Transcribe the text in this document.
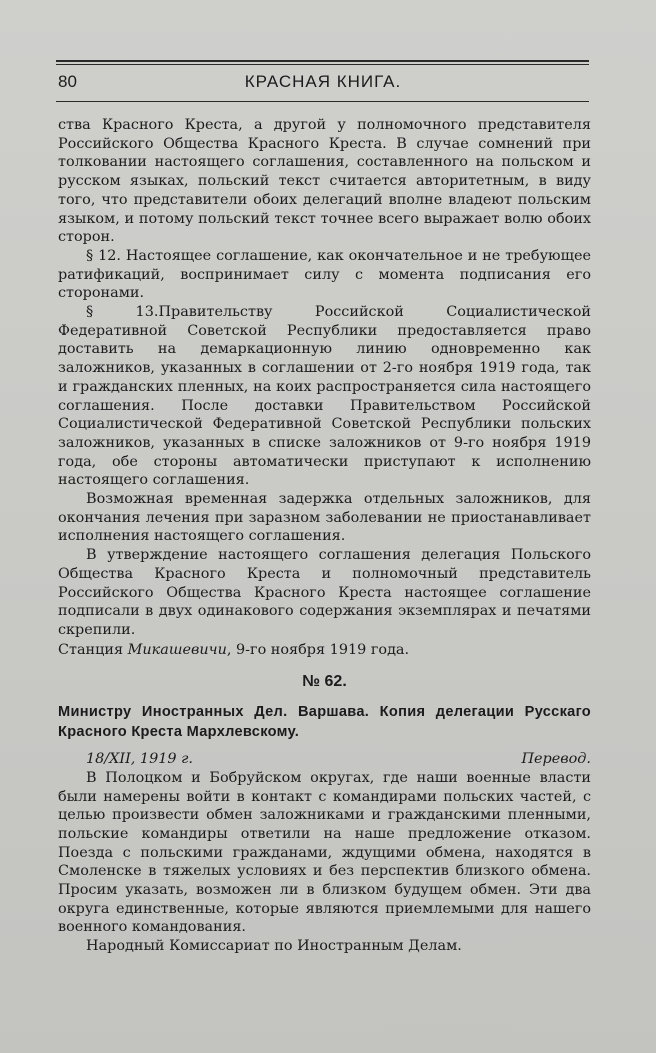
80	КРАСНАЯ КНИГА.

ства Красного Креста, а другой у полномочного представителя Российского Общества Красного Креста. В случае сомнений при толковании настоящего соглашения, составленного на польском и русском языках, польский текст считается авторитетным, в виду того, что представители обоих делегаций вполне владеют польским языком, и потому польский текст точнее всего выражает волю обоих сторон.

§ 12. Настоящее соглашение, как окончательное и не требующее ратификаций, воспринимает силу с момента подписания его сторонами.

§ 13.Правительству Российской Социалистической Федеративной Советской Республики предоставляется право доставить на демаркационную линию одновременно как заложников, указанных в соглашении от 2-го ноября 1919 года, так и гражданских пленных, на коих распространяется сила настоящего соглашения. После доставки Правительством Российской Социалистической Федеративной Советской Республики польских заложников, указанных в списке заложников от 9-го ноября 1919 года, обе стороны автоматически приступают к исполнению настоящего соглашения.

Возможная временная задержка отдельных заложников, для окончания лечения при заразном заболевании не приостанавливает исполнения настоящего соглашения.

В утверждение настоящего соглашения делегация Польского Общества Красного Креста и полномочный представитель Российского Общества Красного Креста настоящее соглашение подписали в двух одинакового содержания экземплярах и печатями скрепили.

Станция Микашевичи, 9-го ноября 1919 года.

№ 62.

Министру Иностранных Дел. Варшава. Копия делегации Русскаго Красного Креста Мархлевскому.

18/XII, 1919 г.	Перевод.

В Полоцком и Бобруйском округах, где наши военные власти были намерены войти в контакт с командирами польских частей, с целью произвести обмен заложниками и гражданскими пленными, польские командиры ответили на наше предложение отказом. Поезда с польскими гражданами, ждущими обмена, находятся в Смоленске в тяжелых условиях и без перспектив близкого обмена. Просим указать, возможен ли в близком будущем обмен. Эти два округа единственные, которые являются приемлемыми для нашего военного командования.

Народный Комиссариат по Иностранным Делам.
